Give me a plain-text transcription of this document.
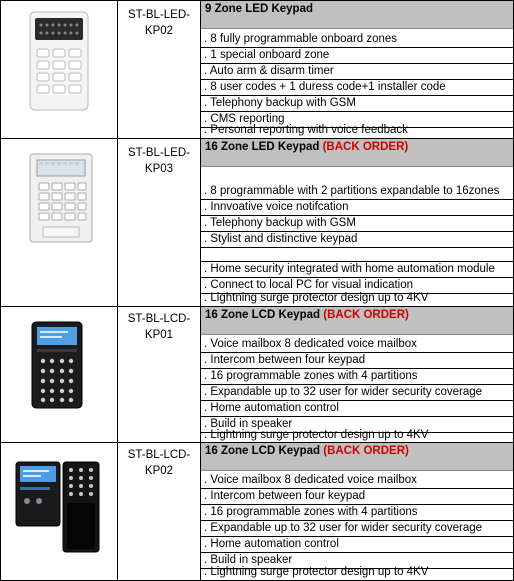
ST-BL-LED-KP02
9 Zone LED Keypad
. 8 fully programmable onboard zones
. 1 special onboard zone
. Auto arm & disarm timer
. 8 user codes + 1 duress code+1 installer code
. Telephony backup with GSM
. CMS reporting
. Personal reporting with voice feedback
ST-BL-LED-KP03
16 Zone LED Keypad (BACK ORDER)
. 8 programmable with 2 partitions expandable to 16zones
. Innvoative voice notifcation
. Telephony backup with GSM
. Stylist and distinctive keypad
. Home security integrated with home automation module
. Connect to local PC for visual indication
. Lightning surge protector design up to 4KV
ST-BL-LCD-
KP01
16 Zone LCD Keypad (BACK ORDER)
. Voice mailbox 8 dedicated voice mailbox
. Intercom between four keypad
. 16 programmable zones with 4 partitions
. Expandable up to 32 user for wider security coverage
. Home automation control
. Build in speaker
. Lightning surge protector design up to 4KV
ST-BL-LCD-
KP02
16 Zone LCD Keypad (BACK ORDER)
. Voice mailbox 8 dedicated voice mailbox
. Intercom between four keypad
. 16 programmable zones with 4 partitions
. Expandable up to 32 user for wider security coverage
. Home automation control
. Build in speaker
. Lightning surge protector design up to 4KV
